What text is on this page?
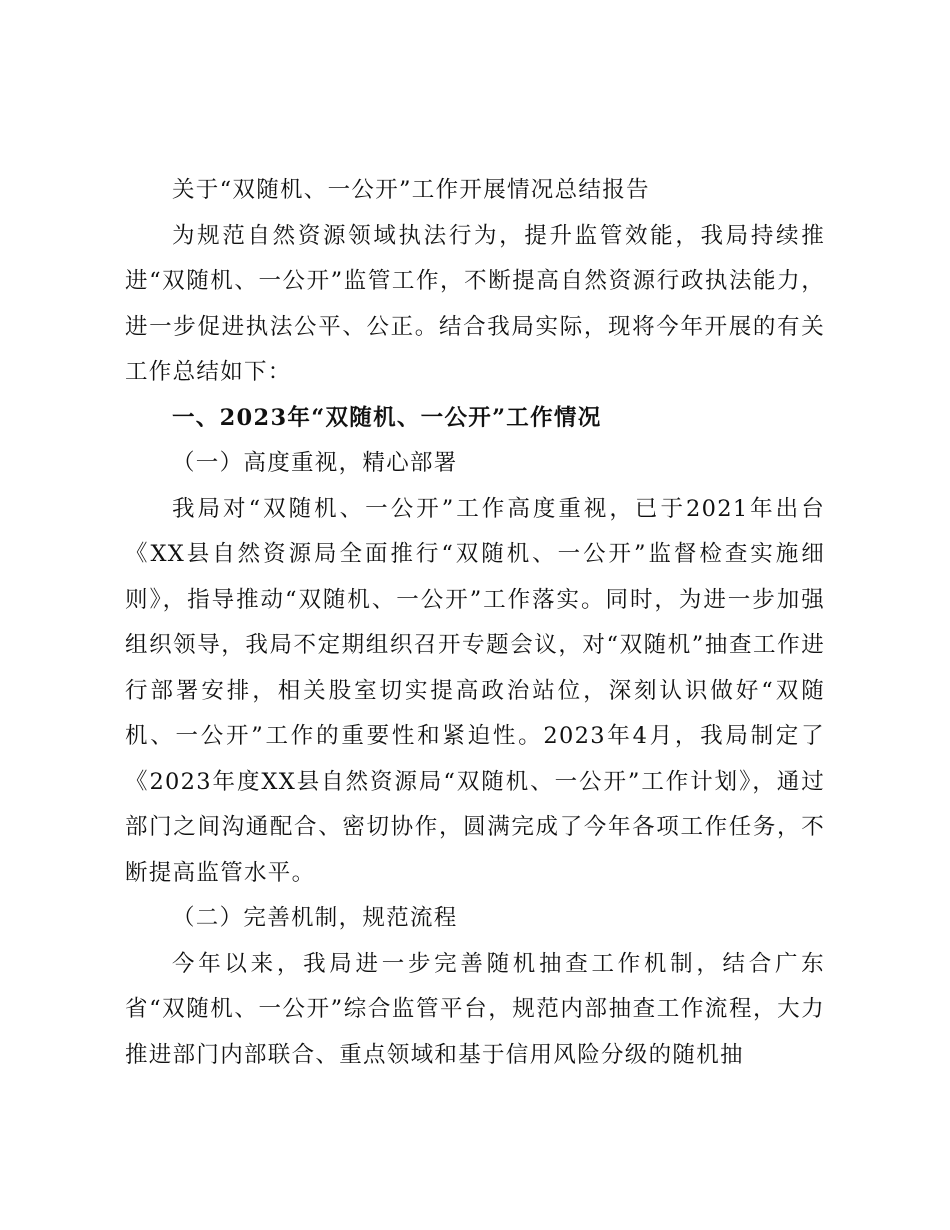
关于“双随机、一公开”工作开展情况总结报告

为规范自然资源领域执法行为，提升监管效能，我局持续推进“双随机、一公开”监管工作，不断提高自然资源行政执法能力，进一步促进执法公平、公正。结合我局实际，现将今年开展的有关工作总结如下：

一、2023年“双随机、一公开”工作情况

（一）高度重视，精心部署

我局对“双随机、一公开”工作高度重视，已于2021年出台《XX县自然资源局全面推行“双随机、一公开”监督检查实施细则》，指导推动“双随机、一公开”工作落实。同时，为进一步加强组织领导，我局不定期组织召开专题会议，对“双随机”抽查工作进行部署安排，相关股室切实提高政治站位，深刻认识做好“双随机、一公开”工作的重要性和紧迫性。2023年4月，我局制定了《2023年度XX县自然资源局“双随机、一公开”工作计划》，通过部门之间沟通配合、密切协作，圆满完成了今年各项工作任务，不断提高监管水平。

（二）完善机制，规范流程

今年以来，我局进一步完善随机抽查工作机制，结合广东省“双随机、一公开”综合监管平台，规范内部抽查工作流程，大力推进部门内部联合、重点领域和基于信用风险分级的随机抽
